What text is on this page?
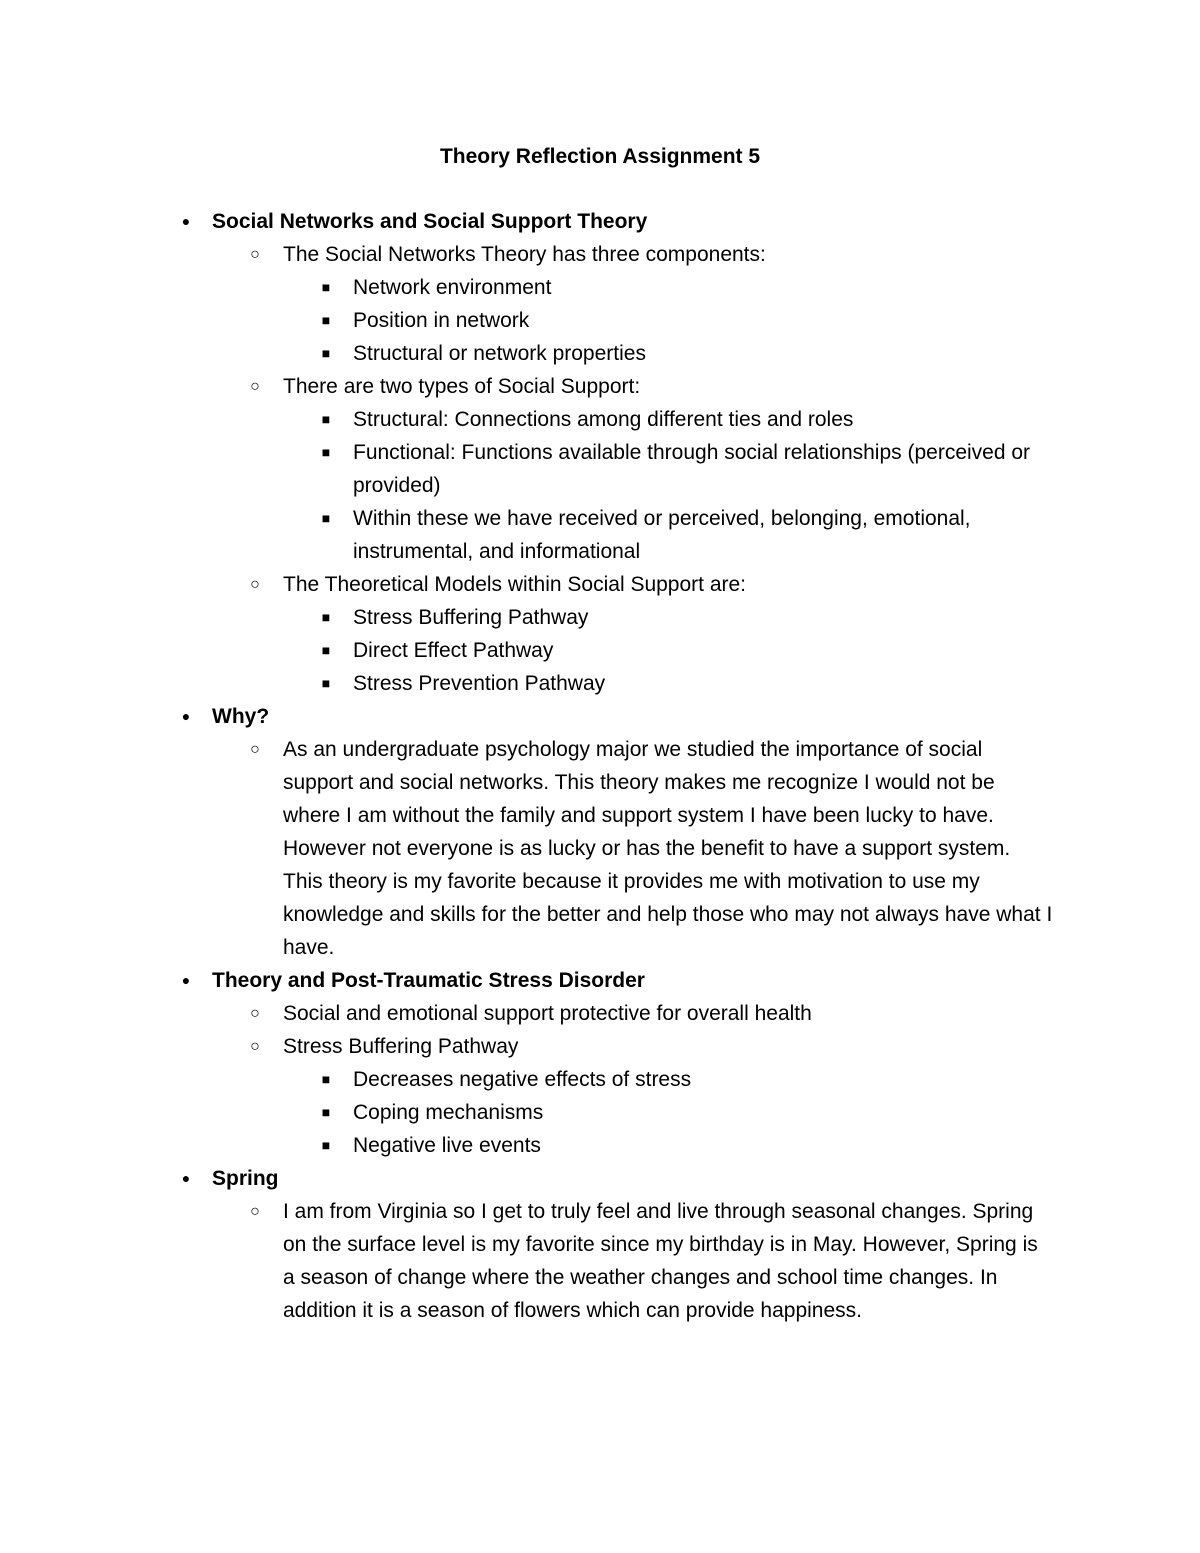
Theory Reflection Assignment 5
● Social Networks and Social Support Theory
○ The Social Networks Theory has three components:
■ Network environment
■ Position in network
■ Structural or network properties
○ There are two types of Social Support:
■ Structural: Connections among different ties and roles
■ Functional: Functions available through social relationships (perceived or provided)
■ Within these we have received or perceived, belonging, emotional, instrumental, and informational
○ The Theoretical Models within Social Support are:
■ Stress Buffering Pathway
■ Direct Effect Pathway
■ Stress Prevention Pathway
● Why?
○ As an undergraduate psychology major we studied the importance of social support and social networks. This theory makes me recognize I would not be where I am without the family and support system I have been lucky to have. However not everyone is as lucky or has the benefit to have a support system. This theory is my favorite because it provides me with motivation to use my knowledge and skills for the better and help those who may not always have what I have.
● Theory and Post-Traumatic Stress Disorder
○ Social and emotional support protective for overall health
○ Stress Buffering Pathway
■ Decreases negative effects of stress
■ Coping mechanisms
■ Negative live events
● Spring
○ I am from Virginia so I get to truly feel and live through seasonal changes. Spring on the surface level is my favorite since my birthday is in May. However, Spring is a season of change where the weather changes and school time changes. In addition it is a season of flowers which can provide happiness.
